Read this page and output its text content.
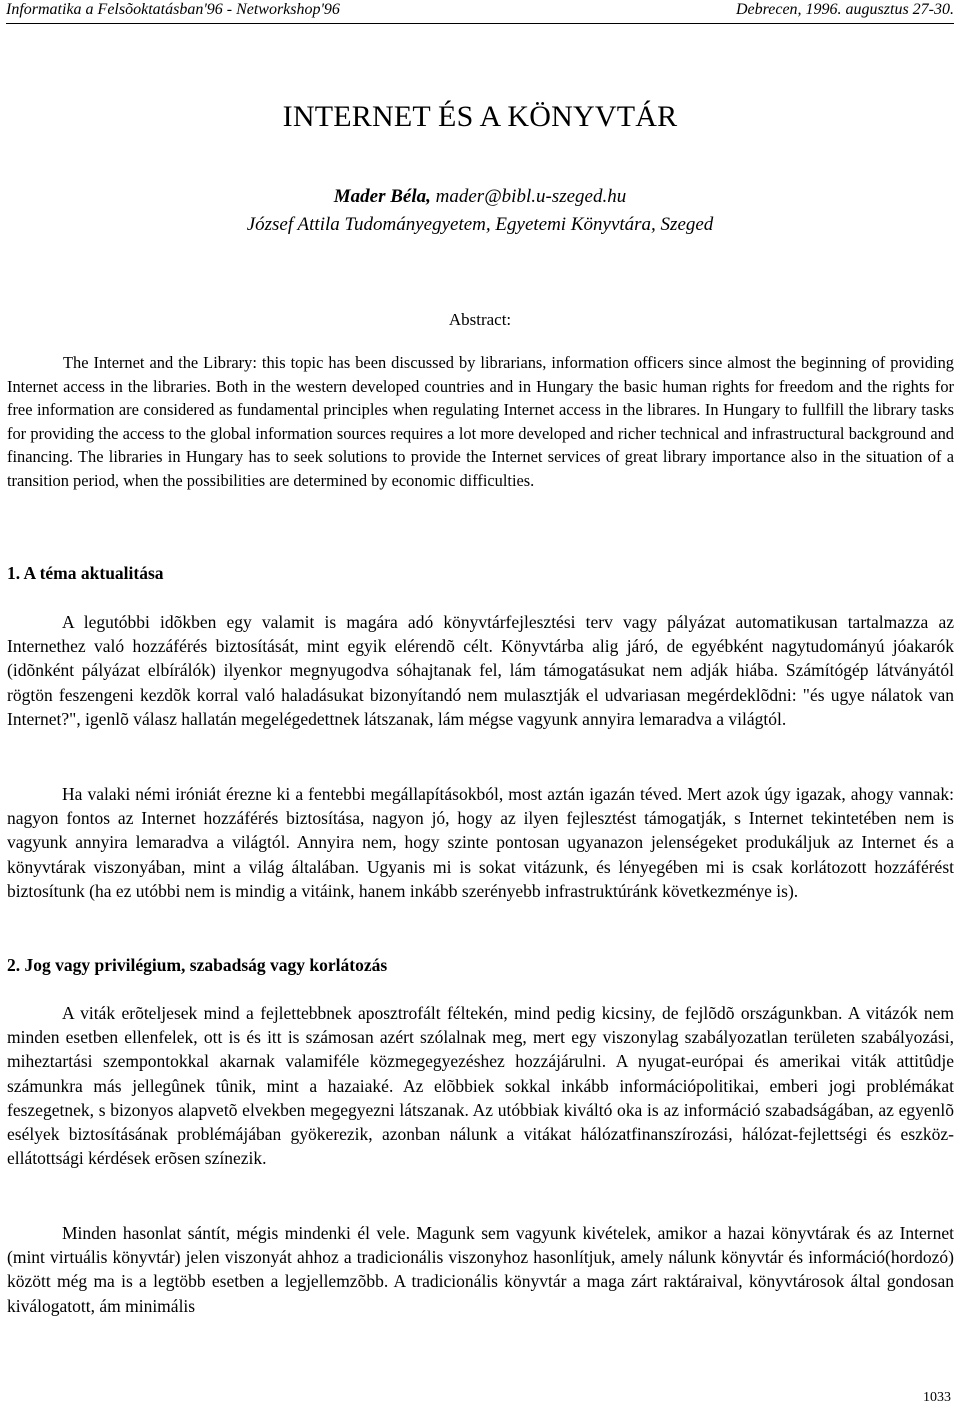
Informatika a Felsõoktatásban'96 - Networkshop'96	Debrecen, 1996. augusztus 27-30.
INTERNET ÉS A KÖNYVTÁR
Mader Béla, mader@bibl.u-szeged.hu
József Attila Tudományegyetem, Egyetemi Könyvtára, Szeged
Abstract:
The Internet and the Library: this topic has been discussed by librarians, information officers since almost the beginning of providing Internet access in the libraries. Both in the western developed countries and in Hungary the basic human rights for freedom and the rights for free information are considered as fundamental principles when regulating Internet access in the librares. In Hungary to fullfill the library tasks for providing the access to the global information sources requires a lot more developed and richer technical and infrastructural background and financing. The libraries in Hungary has to seek solutions to provide the Internet services of great library importance also in the situation of a transition period, when the possibilities are determined by economic difficulties.
1. A téma aktualitása
A legutóbbi idõkben egy valamit is magára adó könyvtárfejlesztési terv vagy pályázat automatikusan tartalmazza az Internethez való hozzáférés biztosítását, mint egyik elérendõ célt. Könyvtárba alig járó, de egyébként nagytudományú jóakarók (idõnként pályázat elbírálók) ilyenkor megnyugodva sóhajtanak fel, lám támogatásukat nem adják hiába. Számítógép látványától rögtön feszengeni kezdõk korral való haladásukat bizonyítandó nem mulasztják el udvariasan megérdeklõdni: "és ugye nálatok van Internet?", igenlõ válasz hallatán megelégedettnek látszanak, lám mégse vagyunk annyira lemaradva a világtól.
Ha valaki némi iróniát érezne ki a fentebbi megállapításokból, most aztán igazán téved. Mert azok úgy igazak, ahogy vannak: nagyon fontos az Internet hozzáférés biztosítása, nagyon jó, hogy az ilyen fejlesztést támogatják, s Internet tekintetében nem is vagyunk annyira lemaradva a világtól. Annyira nem, hogy szinte pontosan ugyanazon jelenségeket produkáljuk az Internet és a könyvtárak viszonyában, mint a világ általában. Ugyanis mi is sokat vitázunk, és lényegében mi is csak korlátozott hozzáférést biztosítunk (ha ez utóbbi nem is mindig a vitáink, hanem inkább szerényebb infrastruktúránk következménye is).
2. Jog vagy privilégium, szabadság vagy korlátozás
A viták erõteljesek mind a fejlettebbnek aposztrofált féltekén, mind pedig kicsiny, de fejlõdõ országunkban. A vitázók nem minden esetben ellenfelek, ott is és itt is számosan azért szólalnak meg, mert egy viszonylag szabályozatlan területen szabályozási, miheztartási szempontokkal akarnak valamiféle közmegegyezéshez hozzájárulni. A nyugat-európai és amerikai viták attitûdje számunkra más jellegûnek tûnik, mint a hazaiaké. Az elõbbiek sokkal inkább információpolitikai, emberi jogi problémákat feszegetnek, s bizonyos alapvetõ elvekben megegyezni látszanak. Az utóbbiak kiváltó oka is az információ szabadságában, az egyenlõ esélyek biztosításának problémájában gyökerezik, azonban nálunk a vitákat hálózatfinanszírozási, hálózat-fejlettségi és eszköz-ellátottsági kérdések erõsen színezik.
Minden hasonlat sántít, mégis mindenki él vele. Magunk sem vagyunk kivételek, amikor a hazai könyvtárak és az Internet (mint virtuális könyvtár) jelen viszonyát ahhoz a tradicionális viszonyhoz hasonlítjuk, amely nálunk könyvtár és információ(hordozó) között még ma is a legtöbb esetben a legjellemzõbb. A tradicionális könyvtár a maga zárt raktáraival, könyvtárosok által gondosan kiválogatott, ám minimális
1033
